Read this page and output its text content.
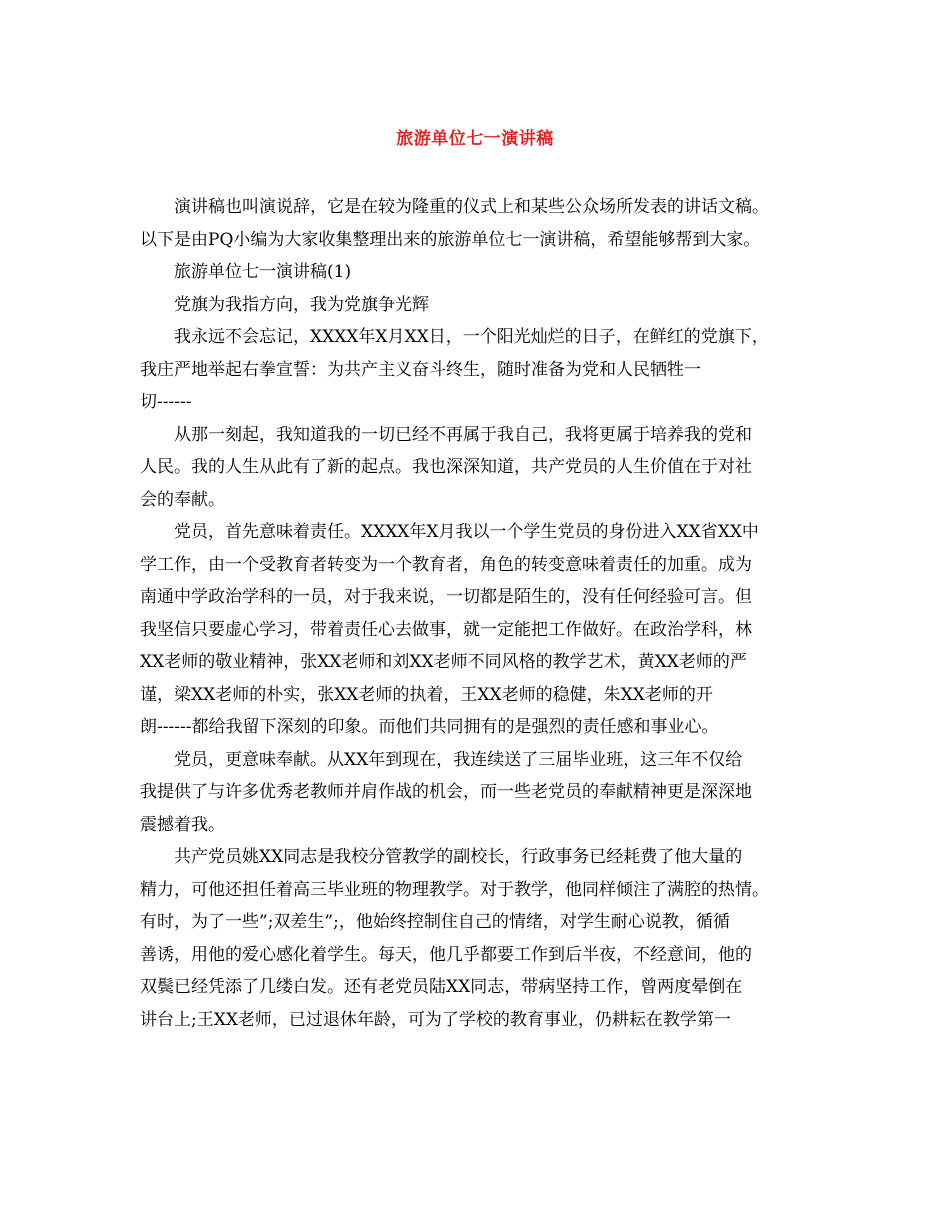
旅游单位七一演讲稿

演讲稿也叫演说辞，它是在较为隆重的仪式上和某些公众场所发表的讲话文稿。
以下是由PQ小编为大家收集整理出来的旅游单位七一演讲稿，希望能够帮到大家。

旅游单位七一演讲稿(1)

党旗为我指方向，我为党旗争光辉

我永远不会忘记，XXXX年X月XX日，一个阳光灿烂的日子，在鲜红的党旗下，
我庄严地举起右拳宣誓：为共产主义奋斗终生，随时准备为党和人民牺牲一
切------

从那一刻起，我知道我的一切已经不再属于我自己，我将更属于培养我的党和
人民。我的人生从此有了新的起点。我也深深知道，共产党员的人生价值在于对社
会的奉献。

党员，首先意味着责任。XXXX年X月我以一个学生党员的身份进入XX省XX中
学工作，由一个受教育者转变为一个教育者，角色的转变意味着责任的加重。成为
南通中学政治学科的一员，对于我来说，一切都是陌生的，没有任何经验可言。但
我坚信只要虚心学习，带着责任心去做事，就一定能把工作做好。在政治学科，林
XX老师的敬业精神，张XX老师和刘XX老师不同风格的教学艺术，黄XX老师的严
谨，梁XX老师的朴实，张XX老师的执着，王XX老师的稳健，朱XX老师的开
朗------都给我留下深刻的印象。而他们共同拥有的是强烈的责任感和事业心。

党员，更意味奉献。从XX年到现在，我连续送了三届毕业班，这三年不仅给
我提供了与许多优秀老教师并肩作战的机会，而一些老党员的奉献精神更是深深地
震撼着我。

共产党员姚XX同志是我校分管教学的副校长，行政事务已经耗费了他大量的
精力，可他还担任着高三毕业班的物理教学。对于教学，他同样倾注了满腔的热情。
有时，为了一些”;双差生”;，他始终控制住自己的情绪，对学生耐心说教，循循
善诱，用他的爱心感化着学生。每天，他几乎都要工作到后半夜，不经意间，他的
双鬓已经凭添了几缕白发。还有老党员陆XX同志，带病坚持工作，曾两度晕倒在
讲台上;王XX老师，已过退休年龄，可为了学校的教育事业，仍耕耘在教学第一
